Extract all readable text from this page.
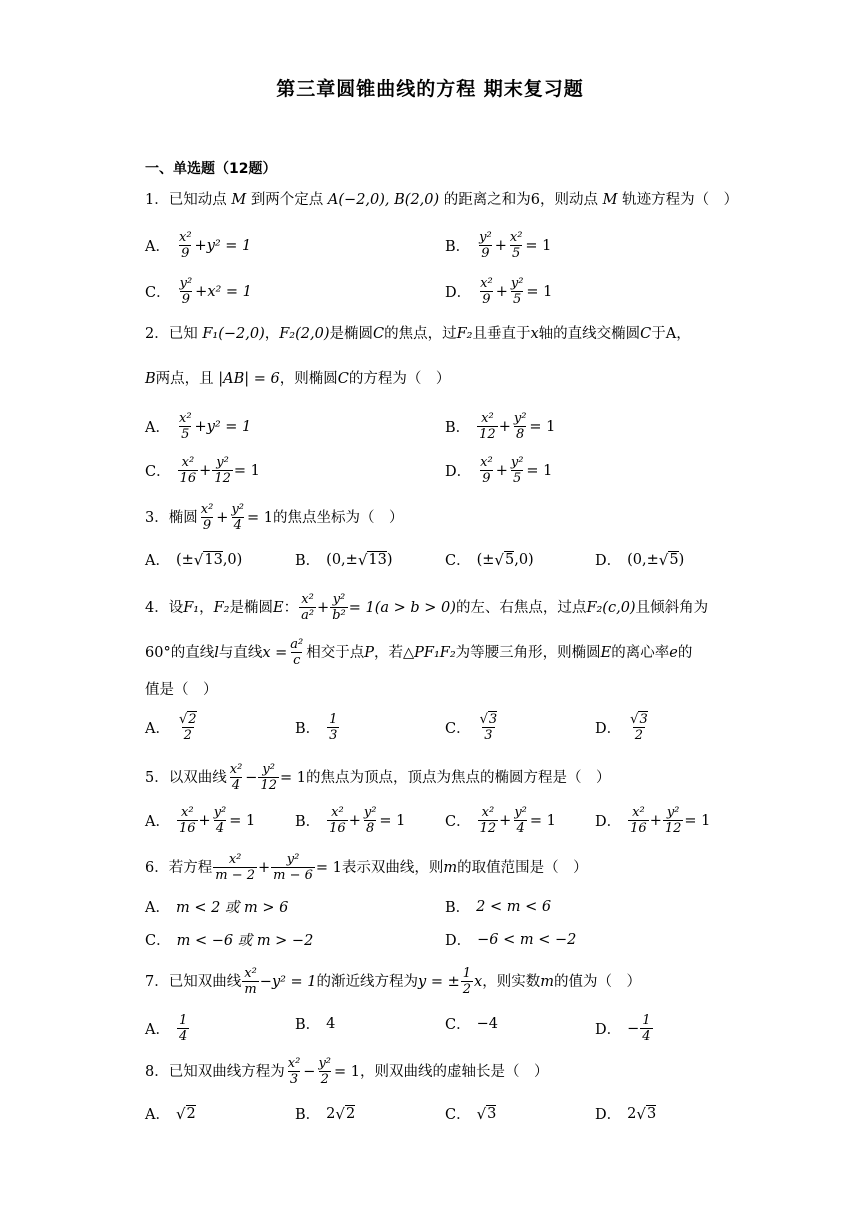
第三章圆锥曲线的方程 期末复习题
一、单选题（12题）
1．已知动点 M 到两个定点 A(−2,0), B(2,0) 的距离之和为6，则动点 M 轨迹方程为（　）
A． $\frac{\text{x²}}{9} + y^2 = 1$	B． $\frac{\text{y²}}{9} + \frac{\text{x²}}{5} = 1$
C． $\frac{\text{y²}}{9} + x^2 = 1$	D． $\frac{\text{x²}}{9} + \frac{\text{y²}}{5} = 1$
2．已知 F₁(−2,0)，F₂(2,0)是椭圆C的焦点，过F₂且垂直于x轴的直线交椭圆C于A，
B两点，且 |AB| = 6，则椭圆C的方程为（　）
A． $\frac{\text{x²}}{5} + y^2 = 1$	B． $\frac{\text{x²}}{12} + \frac{\text{y²}}{8} = 1$
C． $\frac{\text{x²}}{16} + \frac{\text{y²}}{12} = 1$	D． $\frac{\text{x²}}{9} + \frac{\text{y²}}{5} = 1$
3． 椭圆 $\frac{\text{x²}}{9} + \frac{\text{y²}}{4} = 1$ 的焦点坐标为（　）
A． (± √ 13 ,0)	B． (0,± √ 13 )	C． (± √ 5 ,0)	D． (0,± √ 5 )
4． 设 F₁ ， F₂ 是椭圆 E ： $\frac{\text{x²}}{\text{a²}} + \frac{\text{y²}}{\text{b²}} = 1(a > b > 0)$ 的左、右焦点，过点 F₂(c,0) 且倾斜角为
60°的直线 l 与直线 $x = \frac{\text{a²}}{c}$ 相交于点 P ，若 △PF₁F₂ 为等腰三角形，则椭圆 E 的离心率 e 的
值是（　）
A． $\frac{√2}{2}$	B． $\frac{1}{3}$	C． $\frac{√3}{3}$	D． $\frac{√3}{2}$
5． 以双曲线 $\frac{\text{x²}}{4} - \frac{\text{y²}}{12} = 1$ 的焦点为顶点，顶点为焦点的椭圆方程是（　）
A． $\frac{\text{x²}}{16} + \frac{\text{y²}}{4} = 1$	B． $\frac{\text{x²}}{16} + \frac{\text{y²}}{8} = 1$	C． $\frac{\text{x²}}{12} + \frac{\text{y²}}{4} = 1$	D． $\frac{\text{x²}}{16} + \frac{\text{y²}}{12} = 1$
6． 若方程 $\frac{\text{x²}}{m - 2} + \frac{\text{y²}}{m - 6} = 1$ 表示双曲线，则 m 的取值范围是（　）
A． m < 2 或 m > 6	B． 2 < m < 6
C． m < −6 或 m > −2	D． −6 < m < −2
7． 已知双曲线 $\frac{\text{x²}}{m} - y^2 = 1$ 的渐近线方程为 y = ± $\frac{1}{2}$ x ，则实数 m 的值为（　）
A． $\frac{1}{4}$	B． 4	C． −4	D． − $\frac{1}{4}$
8． 已知双曲线方程为 $\frac{\text{x²}}{3} - \frac{\text{y²}}{2} = 1$ ，则双曲线的虚轴长是（　）
A． √ 2	B． 2 √ 2	C． √ 3	D． 2 √ 3
